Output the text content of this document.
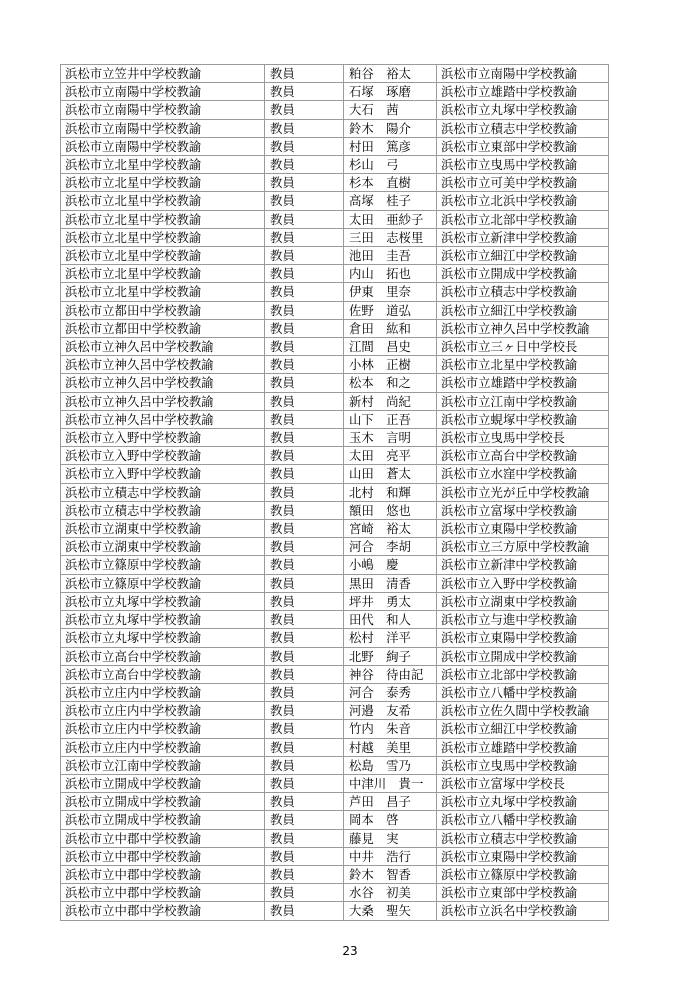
浜松市立笠井中学校教諭	教員	粕谷　裕太	浜松市立南陽中学校教諭
浜松市立南陽中学校教諭	教員	石塚　琢磨	浜松市立雄踏中学校教諭
浜松市立南陽中学校教諭	教員	大石　茜	浜松市立丸塚中学校教諭
浜松市立南陽中学校教諭	教員	鈴木　陽介	浜松市立積志中学校教諭
浜松市立南陽中学校教諭	教員	村田　篤彦	浜松市立東部中学校教諭
浜松市立北星中学校教諭	教員	杉山　弓	浜松市立曳馬中学校教諭
浜松市立北星中学校教諭	教員	杉本　直樹	浜松市立可美中学校教諭
浜松市立北星中学校教諭	教員	高塚　桂子	浜松市立北浜中学校教諭
浜松市立北星中学校教諭	教員	太田　亜紗子	浜松市立北部中学校教諭
浜松市立北星中学校教諭	教員	三田　志桜里	浜松市立新津中学校教諭
浜松市立北星中学校教諭	教員	池田　圭吾	浜松市立細江中学校教諭
浜松市立北星中学校教諭	教員	内山　拓也	浜松市立開成中学校教諭
浜松市立北星中学校教諭	教員	伊東　里奈	浜松市立積志中学校教諭
浜松市立都田中学校教諭	教員	佐野　道弘	浜松市立細江中学校教諭
浜松市立都田中学校教諭	教員	倉田　紘和	浜松市立神久呂中学校教諭
浜松市立神久呂中学校教諭	教員	江間　昌史	浜松市立三ヶ日中学校長
浜松市立神久呂中学校教諭	教員	小林　正樹	浜松市立北星中学校教諭
浜松市立神久呂中学校教諭	教員	松本　和之	浜松市立雄踏中学校教諭
浜松市立神久呂中学校教諭	教員	新村　尚紀	浜松市立江南中学校教諭
浜松市立神久呂中学校教諭	教員	山下　正吾	浜松市立蜆塚中学校教諭
浜松市立入野中学校教諭	教員	玉木　言明	浜松市立曳馬中学校長
浜松市立入野中学校教諭	教員	太田　亮平	浜松市立高台中学校教諭
浜松市立入野中学校教諭	教員	山田　蒼太	浜松市立水窪中学校教諭
浜松市立積志中学校教諭	教員	北村　和輝	浜松市立光が丘中学校教諭
浜松市立積志中学校教諭	教員	額田　悠也	浜松市立富塚中学校教諭
浜松市立湖東中学校教諭	教員	宮崎　裕太	浜松市立東陽中学校教諭
浜松市立湖東中学校教諭	教員	河合　李胡	浜松市立三方原中学校教諭
浜松市立篠原中学校教諭	教員	小嶋　慶	浜松市立新津中学校教諭
浜松市立篠原中学校教諭	教員	黒田　清香	浜松市立入野中学校教諭
浜松市立丸塚中学校教諭	教員	坪井　勇太	浜松市立湖東中学校教諭
浜松市立丸塚中学校教諭	教員	田代　和人	浜松市立与進中学校教諭
浜松市立丸塚中学校教諭	教員	松村　洋平	浜松市立東陽中学校教諭
浜松市立高台中学校教諭	教員	北野　絢子	浜松市立開成中学校教諭
浜松市立高台中学校教諭	教員	神谷　待由記	浜松市立北部中学校教諭
浜松市立庄内中学校教諭	教員	河合　泰秀	浜松市立八幡中学校教諭
浜松市立庄内中学校教諭	教員	河邉　友希	浜松市立佐久間中学校教諭
浜松市立庄内中学校教諭	教員	竹内　朱音	浜松市立細江中学校教諭
浜松市立庄内中学校教諭	教員	村越　美里	浜松市立雄踏中学校教諭
浜松市立江南中学校教諭	教員	松島　雪乃	浜松市立曳馬中学校教諭
浜松市立開成中学校教諭	教員	中津川　貴一	浜松市立富塚中学校長
浜松市立開成中学校教諭	教員	芦田　昌子	浜松市立丸塚中学校教諭
浜松市立開成中学校教諭	教員	岡本　啓	浜松市立八幡中学校教諭
浜松市立中郡中学校教諭	教員	藤見　実	浜松市立積志中学校教諭
浜松市立中郡中学校教諭	教員	中井　浩行	浜松市立東陽中学校教諭
浜松市立中郡中学校教諭	教員	鈴木　智香	浜松市立篠原中学校教諭
浜松市立中郡中学校教諭	教員	水谷　初美	浜松市立東部中学校教諭
浜松市立中郡中学校教諭	教員	大桑　聖矢	浜松市立浜名中学校教諭
23
